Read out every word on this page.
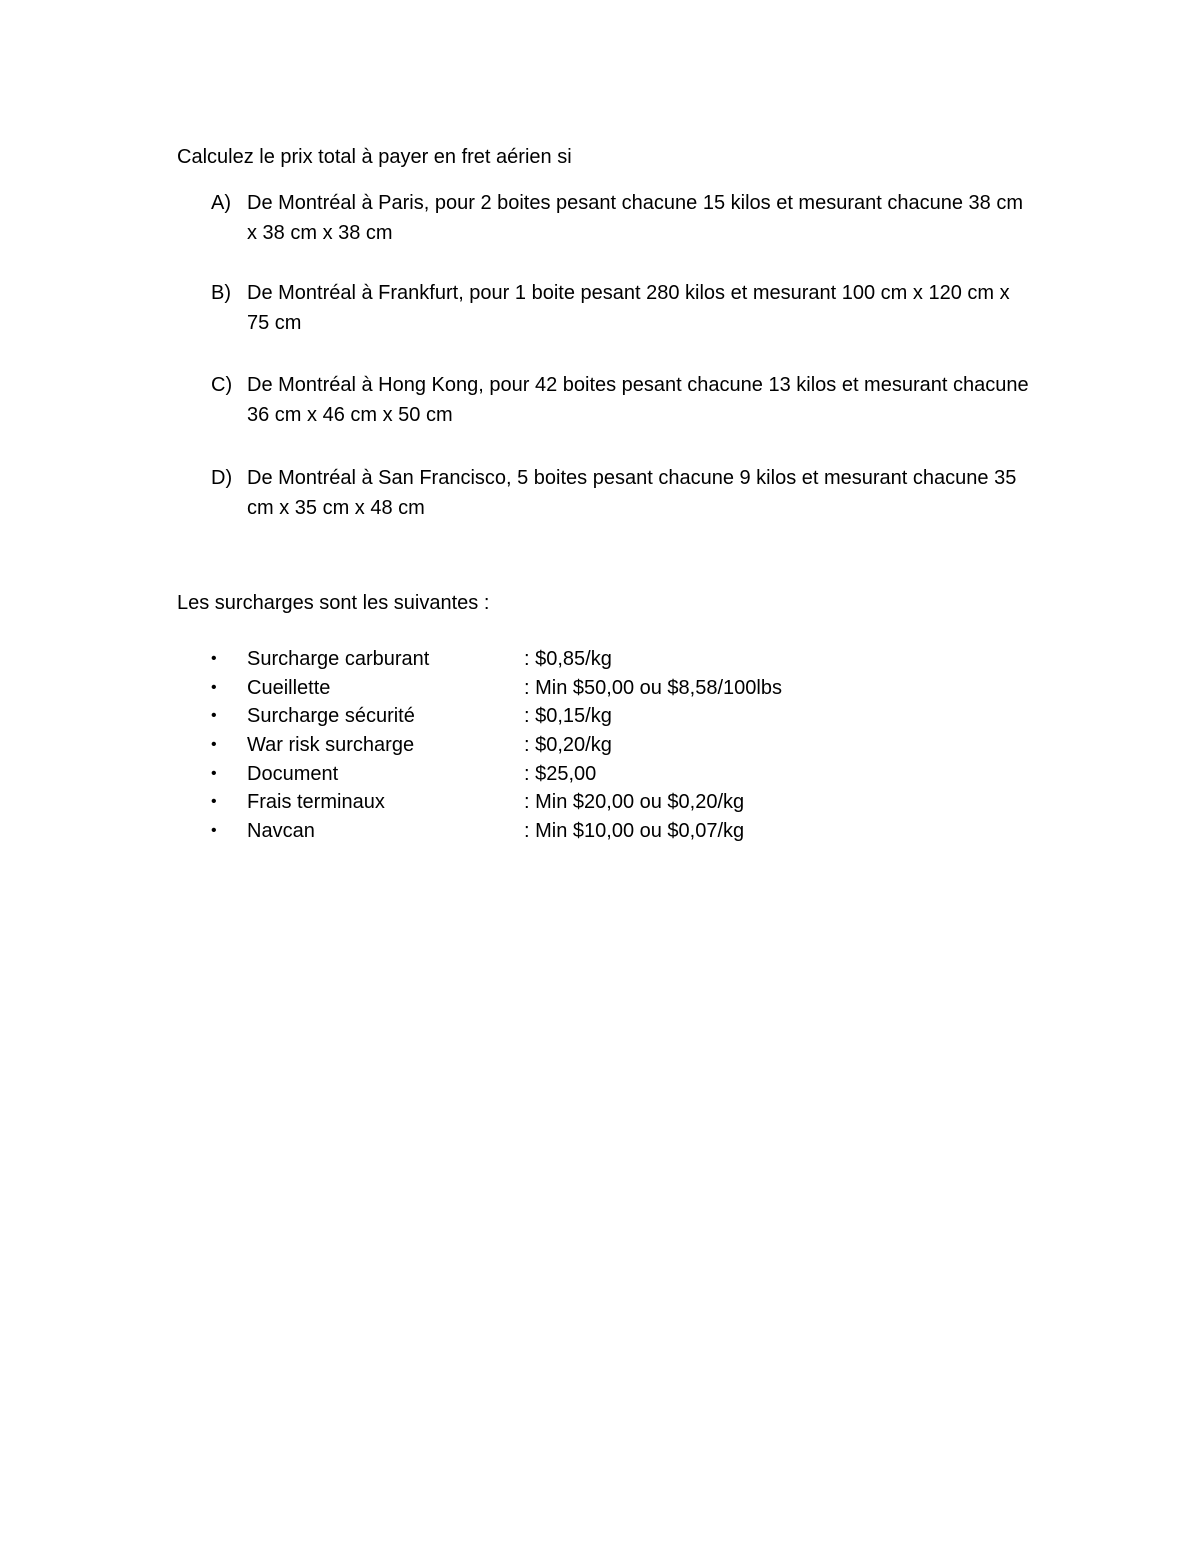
Calculez le prix total à payer en fret aérien si
A) De Montréal à Paris, pour 2 boites pesant chacune 15 kilos et mesurant chacune 38 cm x 38 cm x 38 cm
B) De Montréal à Frankfurt, pour 1 boite pesant 280 kilos et mesurant 100 cm x 120 cm x 75 cm
C) De Montréal à Hong Kong, pour 42 boites pesant chacune 13 kilos et mesurant chacune 36 cm x 46 cm x 50 cm
D) De Montréal à San Francisco, 5 boites pesant chacune 9 kilos et mesurant chacune 35 cm x 35 cm x 48 cm
Les surcharges sont les suivantes :
• Surcharge carburant	: $0,85/kg
• Cueillette	: Min $50,00 ou $8,58/100lbs
• Surcharge sécurité	: $0,15/kg
• War risk surcharge	: $0,20/kg
• Document	: $25,00
• Frais terminaux	: Min $20,00 ou $0,20/kg
• Navcan	: Min $10,00 ou $0,07/kg
